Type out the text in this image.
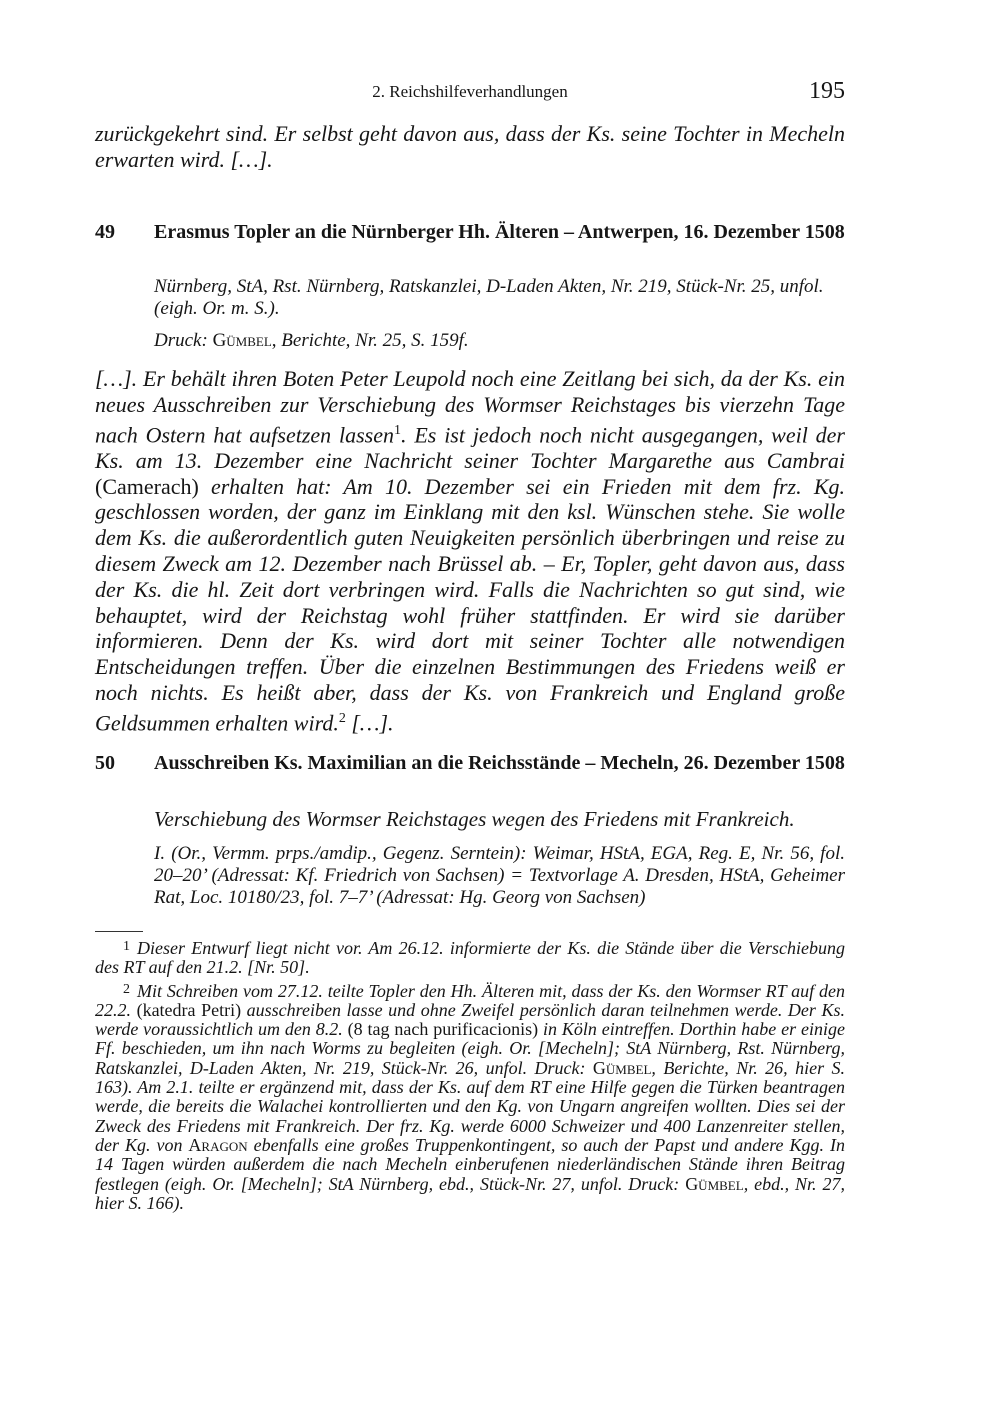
2. Reichshilfeverhandlungen	195
zurückgekehrt sind. Er selbst geht davon aus, dass der Ks. seine Tochter in Mecheln erwarten wird. […].
49 Erasmus Topler an die Nürnberger Hh. Älteren – Antwerpen, 16. Dezember 1508
Nürnberg, StA, Rst. Nürnberg, Ratskanzlei, D-Laden Akten, Nr. 219, Stück-Nr. 25, unfol. (eigh. Or. m. S.).
Druck: Gümbel, Berichte, Nr. 25, S. 159f.
[…]. Er behält ihren Boten Peter Leupold noch eine Zeitlang bei sich, da der Ks. ein neues Ausschreiben zur Verschiebung des Wormser Reichstages bis vierzehn Tage nach Ostern hat aufsetzen lassen$^1$. Es ist jedoch noch nicht ausgegangen, weil der Ks. am 13. Dezember eine Nachricht seiner Tochter Margarethe aus Cambrai (Camerach) erhalten hat: Am 10. Dezember sei ein Frieden mit dem frz. Kg. geschlossen worden, der ganz im Einklang mit den ksl. Wünschen stehe. Sie wolle dem Ks. die außerordentlich guten Neuigkeiten persönlich überbringen und reise zu diesem Zweck am 12. Dezember nach Brüssel ab. – Er, Topler, geht davon aus, dass der Ks. die hl. Zeit dort verbringen wird. Falls die Nachrichten so gut sind, wie behauptet, wird der Reichstag wohl früher stattfinden. Er wird sie darüber informieren. Denn der Ks. wird dort mit seiner Tochter alle notwendigen Entscheidungen treffen. Über die einzelnen Bestimmungen des Friedens weiß er noch nichts. Es heißt aber, dass der Ks. von Frankreich und England große Geldsummen erhalten wird.$^2$ […].
50 Ausschreiben Ks. Maximilian an die Reichsstände – Mecheln, 26. Dezember 1508
Verschiebung des Wormser Reichstages wegen des Friedens mit Frankreich.
I. (Or., Vermm. prps./amdip., Gegenz. Serntein): Weimar, HStA, EGA, Reg. E, Nr. 56, fol. 20–20’ (Adressat: Kf. Friedrich von Sachsen) = Textvorlage A. Dresden, HStA, Geheimer Rat, Loc. 10180/23, fol. 7–7’ (Adressat: Hg. Georg von Sachsen)
$^1$ Dieser Entwurf liegt nicht vor. Am 26.12. informierte der Ks. die Stände über die Verschiebung des RT auf den 21.2. [Nr. 50].
$^2$ Mit Schreiben vom 27.12. teilte Topler den Hh. Älteren mit, dass der Ks. den Wormser RT auf den 22.2. (katedra Petri) ausschreiben lasse und ohne Zweifel persönlich daran teilnehmen werde. Der Ks. werde voraussichtlich um den 8.2. (8 tag nach purificacionis) in Köln eintreffen. Dorthin habe er einige Ff. beschieden, um ihn nach Worms zu begleiten (eigh. Or. [Mecheln]; StA Nürnberg, Rst. Nürnberg, Ratskanzlei, D-Laden Akten, Nr. 219, Stück-Nr. 26, unfol. Druck: Gümbel, Berichte, Nr. 26, hier S. 163). Am 2.1. teilte er ergänzend mit, dass der Ks. auf dem RT eine Hilfe gegen die Türken beantragen werde, die bereits die Walachei kontrollierten und den Kg. von Ungarn angreifen wollten. Dies sei der Zweck des Friedens mit Frankreich. Der frz. Kg. werde 6000 Schweizer und 400 Lanzenreiter stellen, der Kg. von Aragon ebenfalls eine großes Truppenkontingent, so auch der Papst und andere Kgg. In 14 Tagen würden außerdem die nach Mecheln einberufenen niederländischen Stände ihren Beitrag festlegen (eigh. Or. [Mecheln]; StA Nürnberg, ebd., Stück-Nr. 27, unfol. Druck: Gümbel, ebd., Nr. 27, hier S. 166).
